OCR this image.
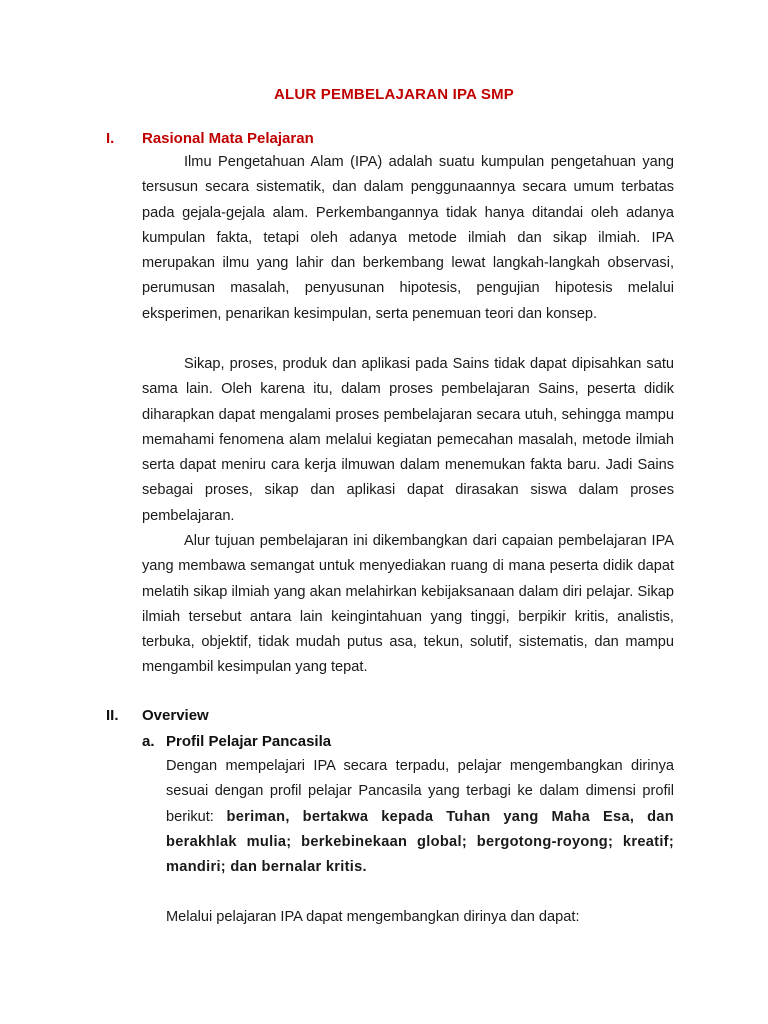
ALUR PEMBELAJARAN IPA SMP
I. Rasional Mata Pelajaran

Ilmu Pengetahuan Alam (IPA) adalah suatu kumpulan pengetahuan yang tersusun secara sistematik, dan dalam penggunaannya secara umum terbatas pada gejala-gejala alam. Perkembangannya tidak hanya ditandai oleh adanya kumpulan fakta, tetapi oleh adanya metode ilmiah dan sikap ilmiah. IPA merupakan ilmu yang lahir dan berkembang lewat langkah-langkah observasi, perumusan masalah, penyusunan hipotesis, pengujian hipotesis melalui eksperimen, penarikan kesimpulan, serta penemuan teori dan konsep.

Sikap, proses, produk dan aplikasi pada Sains tidak dapat dipisahkan satu sama lain. Oleh karena itu, dalam proses pembelajaran Sains, peserta didik diharapkan dapat mengalami proses pembelajaran secara utuh, sehingga mampu memahami fenomena alam melalui kegiatan pemecahan masalah, metode ilmiah serta dapat meniru cara kerja ilmuwan dalam menemukan fakta baru. Jadi Sains sebagai proses, sikap dan aplikasi dapat dirasakan siswa dalam proses pembelajaran.

Alur tujuan pembelajaran ini dikembangkan dari capaian pembelajaran IPA yang membawa semangat untuk menyediakan ruang di mana peserta didik dapat melatih sikap ilmiah yang akan melahirkan kebijaksanaan dalam diri pelajar. Sikap ilmiah tersebut antara lain keingintahuan yang tinggi, berpikir kritis, analistis, terbuka, objektif, tidak mudah putus asa, tekun, solutif, sistematis, dan mampu mengambil kesimpulan yang tepat.

II. Overview
a. Profil Pelajar Pancasila

Dengan mempelajari IPA secara terpadu, pelajar mengembangkan dirinya sesuai dengan profil pelajar Pancasila yang terbagi ke dalam dimensi profil berikut: beriman, bertakwa kepada Tuhan yang Maha Esa, dan berakhlak mulia; berkebinekaan global; bergotong-royong; kreatif; mandiri; dan bernalar kritis.

Melalui pelajaran IPA dapat mengembangkan dirinya dan dapat:
